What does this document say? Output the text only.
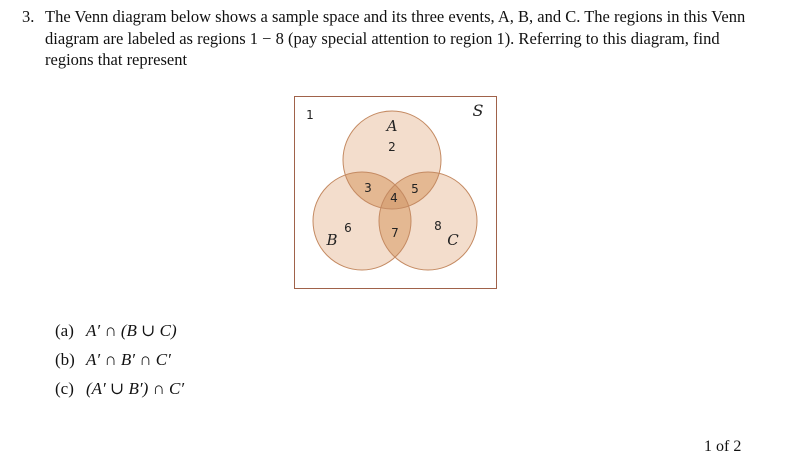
3. The Venn diagram below shows a sample space and its three events, A, B, and C. The regions in this Venn diagram are labeled as regions 1 − 8 (pay special attention to region 1). Referring to this diagram, find regions that represent
S
A
B	C
1
2
3
4
5
6	7	8
(a) A′ ∩ (B ∪ C)
(b) A′ ∩ B′ ∩ C′
(c) (A′ ∪ B′) ∩ C′
1 of 2
